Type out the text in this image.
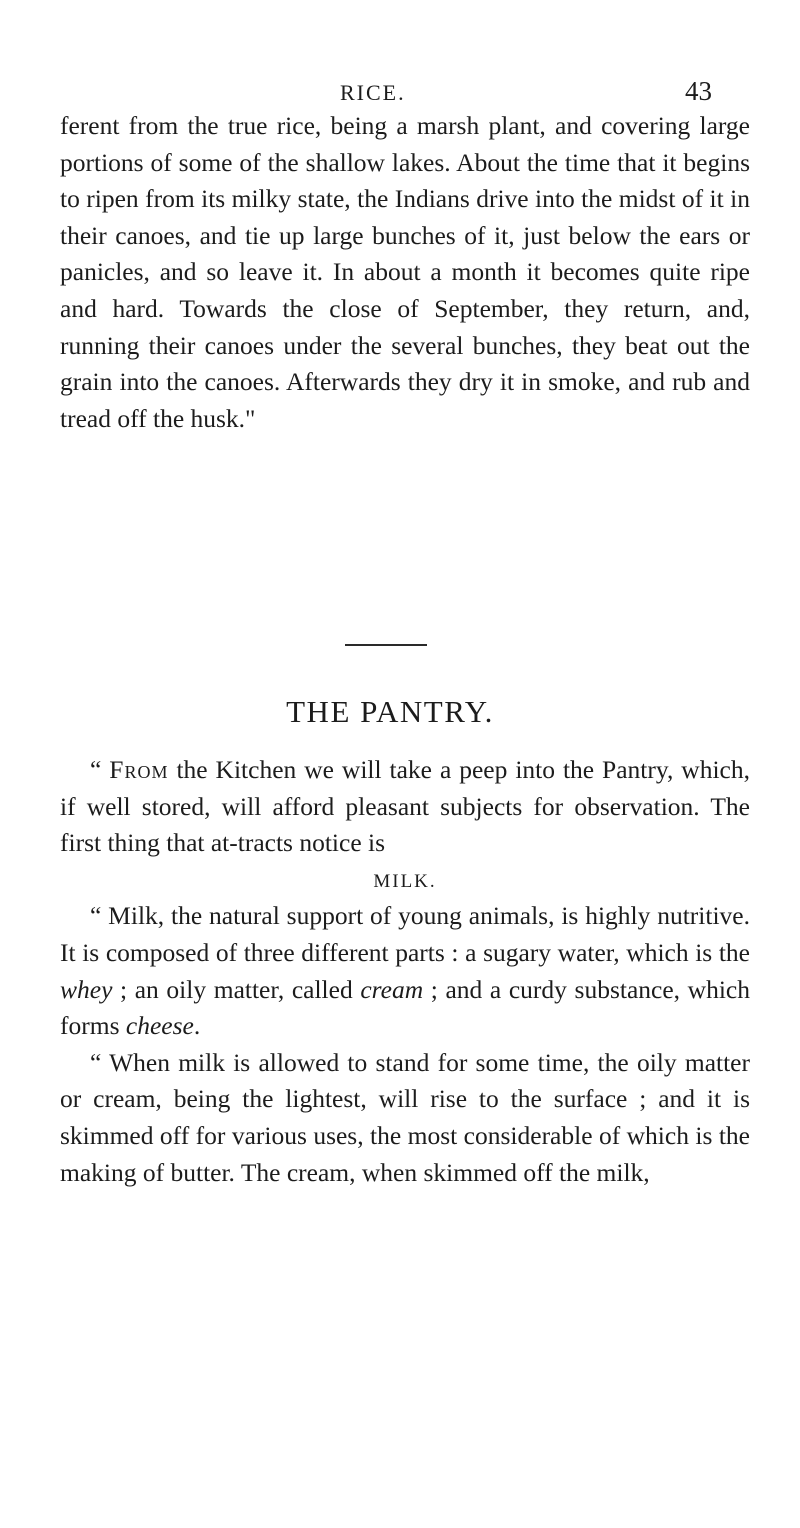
RICE.	43

ferent from the true rice, being a marsh plant, and covering large portions of some of the shallow lakes. About the time that it begins to ripen from its milky state, the Indians drive into the midst of it in their canoes, and tie up large bunches of it, just below the ears or panicles, and so leave it. In about a month it becomes quite ripe and hard. Towards the close of September, they return, and, running their canoes under the several bunches, they beat out the grain into the canoes. Afterwards they dry it in smoke, and rub and tread off the husk."

THE PANTRY.

“ From the Kitchen we will take a peep into the Pantry, which, if well stored, will afford pleasant subjects for observation. The first thing that at-tracts notice is

MILK.

“ Milk, the natural support of young animals, is highly nutritive. It is composed of three different parts : a sugary water, which is the whey ; an oily matter, called cream ; and a curdy substance, which forms cheese.

“ When milk is allowed to stand for some time, the oily matter or cream, being the lightest, will rise to the surface ; and it is skimmed off for various uses, the most considerable of which is the making of butter. The cream, when skimmed off the milk,
